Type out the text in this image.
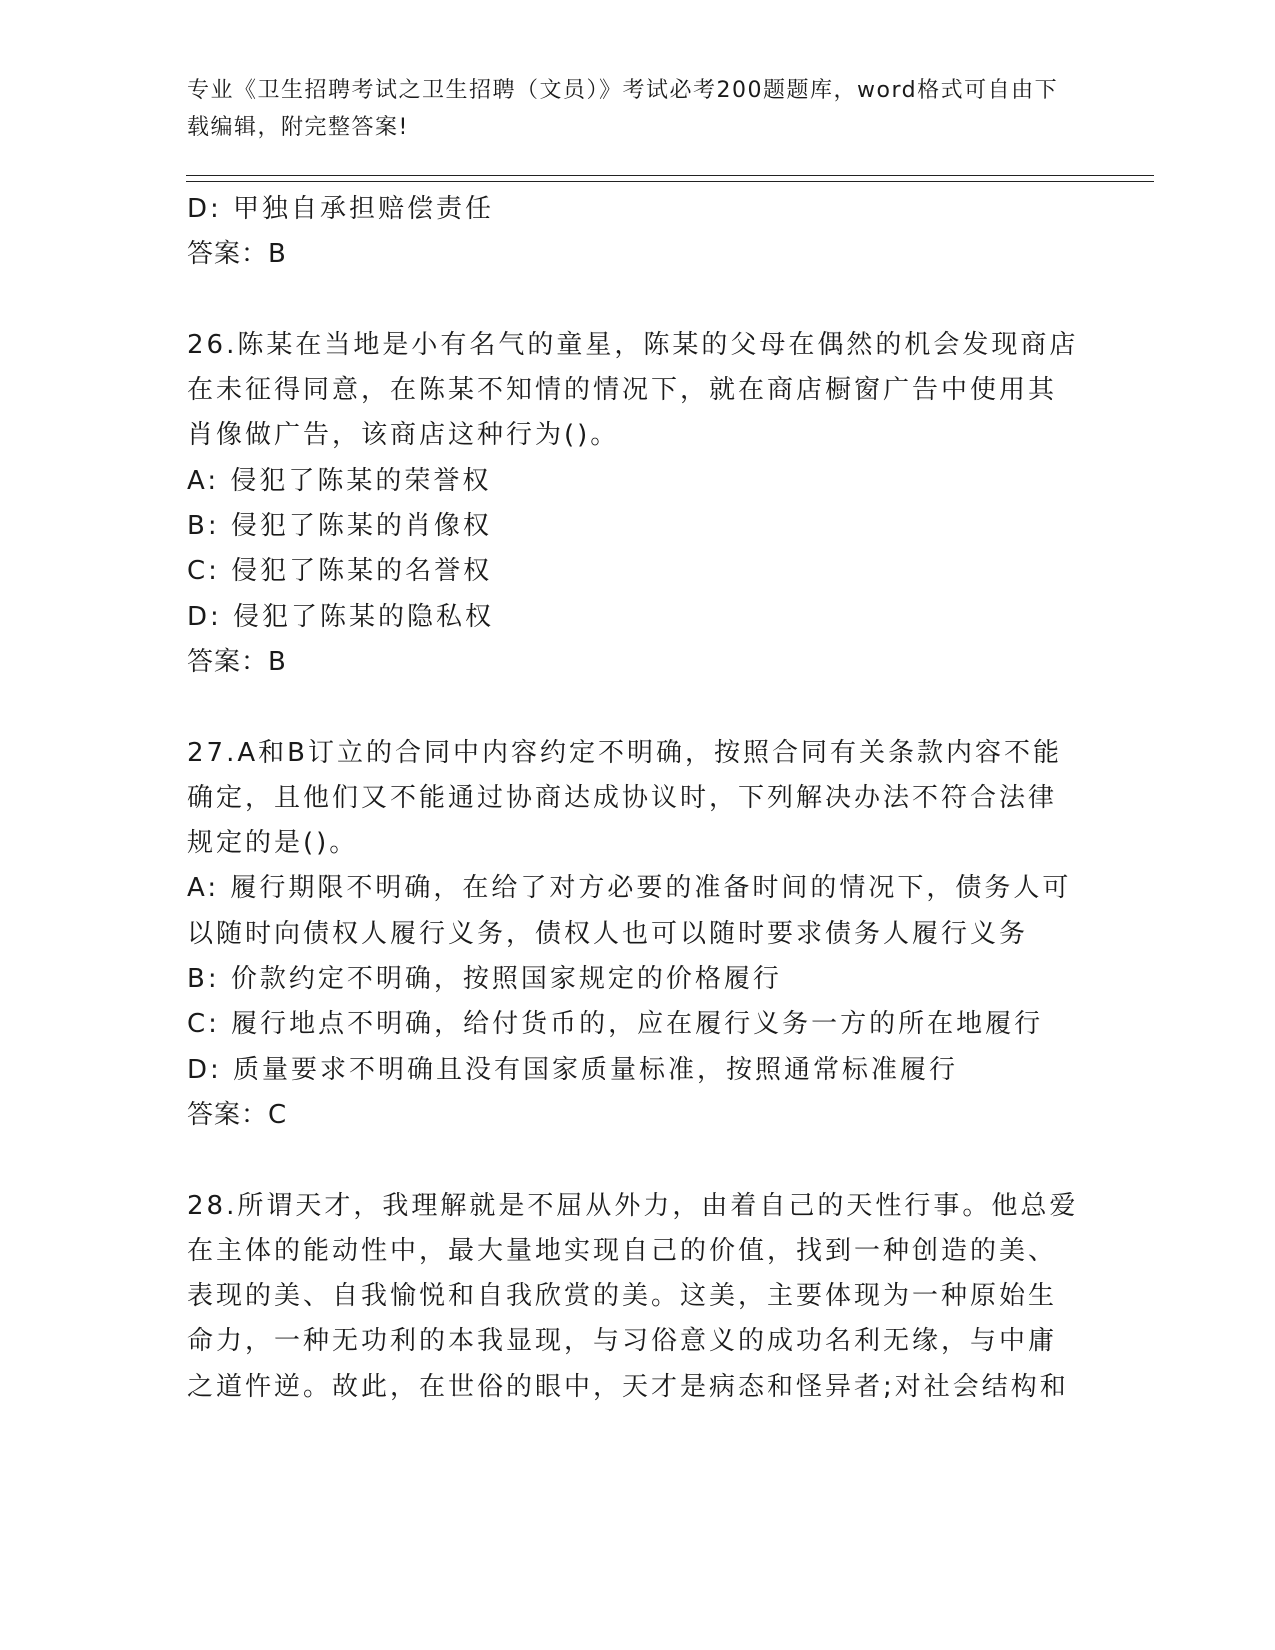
专业《卫生招聘考试之卫生招聘（文员）》考试必考200题题库，word格式可自由下载编辑，附完整答案!
D: 甲独自承担赔偿责任
答案：B
26.陈某在当地是小有名气的童星，陈某的父母在偶然的机会发现商店
在未征得同意，在陈某不知情的情况下，就在商店橱窗广告中使用其
肖像做广告，该商店这种行为()。
A: 侵犯了陈某的荣誉权
B: 侵犯了陈某的肖像权
C: 侵犯了陈某的名誉权
D: 侵犯了陈某的隐私权
答案：B
27.A和B订立的合同中内容约定不明确，按照合同有关条款内容不能
确定，且他们又不能通过协商达成协议时，下列解决办法不符合法律
规定的是()。
A: 履行期限不明确，在给了对方必要的准备时间的情况下，债务人可
以随时向债权人履行义务，债权人也可以随时要求债务人履行义务
B: 价款约定不明确，按照国家规定的价格履行
C: 履行地点不明确，给付货币的，应在履行义务一方的所在地履行
D: 质量要求不明确且没有国家质量标准，按照通常标准履行
答案：C
28.所谓天才，我理解就是不屈从外力，由着自己的天性行事。他总爱
在主体的能动性中，最大量地实现自己的价值，找到一种创造的美、
表现的美、自我愉悦和自我欣赏的美。这美，主要体现为一种原始生
命力，一种无功利的本我显现，与习俗意义的成功名利无缘，与中庸
之道忤逆。故此，在世俗的眼中，天才是病态和怪异者;对社会结构和
